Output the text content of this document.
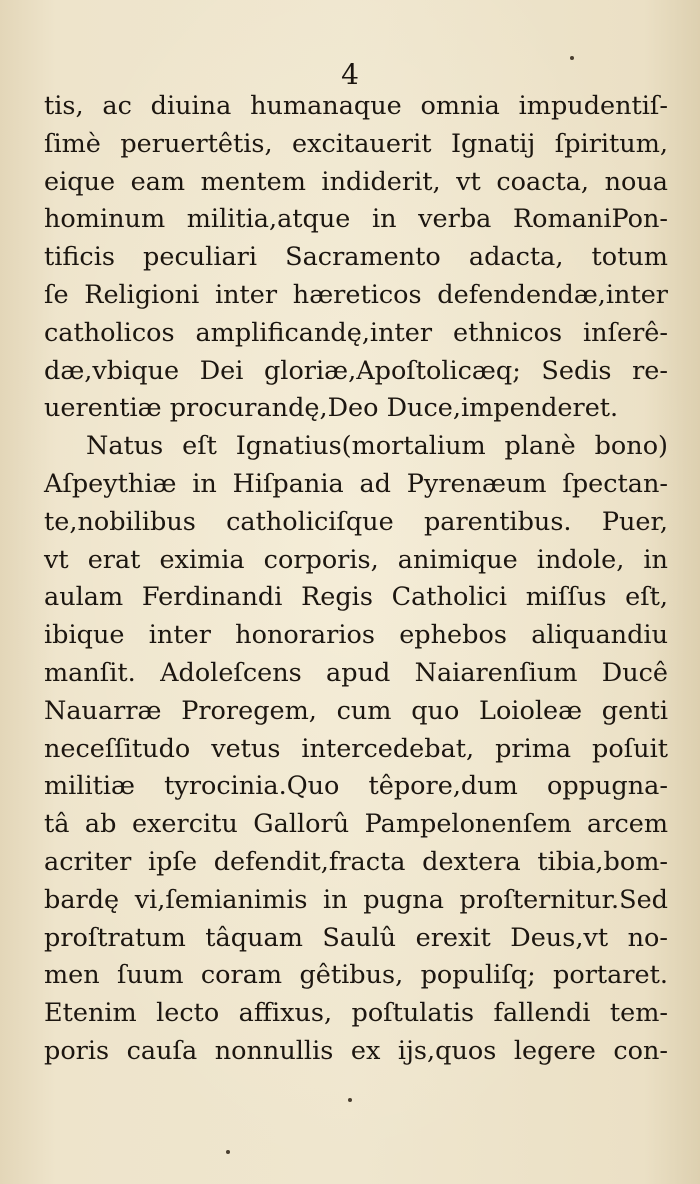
4
tis, ac diuina humanaque omnia impudentiſ-
ſimè peruertêtis, excitauerit Ignatij ſpiritum,
eique eam mentem indiderit, vt coacta, noua
hominum militia,atque in verba RomaniPon-
tificis peculiari Sacramento adacta, totum
ſe Religioni inter hæreticos defendendæ,inter
catholicos amplificandę,inter ethnicos inſerê-
dæ,vbique Dei gloriæ,Apoſtolicæq; Sedis re-
uerentiæ procurandę,Deo Duce,impenderet.
Natus eſt Ignatius(mortalium planè bono)
Aſpeythiæ in Hiſpania ad Pyrenæum ſpectan-
te,nobilibus catholiciſque parentibus. Puer,
vt erat eximia corporis, animique indole, in
aulam Ferdinandi Regis Catholici miſſus eſt,
ibique inter honorarios ephebos aliquandiu
manſit. Adoleſcens apud Naiarenſium Ducê
Nauarræ Proregem, cum quo Loioleæ genti
neceſſitudo vetus intercedebat, prima poſuit
militiæ tyrocinia.Quo têpore,dum oppugna-
tâ ab exercitu Gallorû Pampelonenſem arcem
acriter ipſe defendit,fracta dextera tibia,bom-
bardę vi,ſemianimis in pugna proſternitur.Sed
proſtratum tâquam Saulû erexit Deus,vt no-
men ſuum coram gêtibus, populiſq; portaret.
Etenim lecto affixus, poſtulatis fallendi tem-
poris cauſa nonnullis ex ijs,quos legere con-
